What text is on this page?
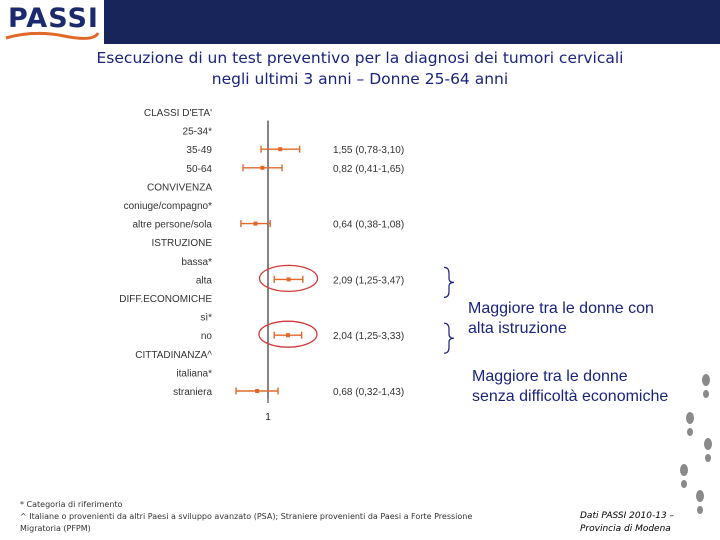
PASSI
Esecuzione di un test preventivo per la diagnosi dei tumori cervicali
negli ultimi 3 anni – Donne 25-64 anni
1
CLASSI D'ETA'
25-34*
35-49	1,55 (0,78-3,10)
50-64	0,82 (0,41-1,65)
CONVIVENZA
coniuge/compagno*
altre persone/sola	0,64 (0,38-1,08)
ISTRUZIONE
bassa*
alta	2,09 (1,25-3,47)
DIFF.ECONOMICHE
sì*
no	2,04 (1,25-3,33)
CITTADINANZA^
italiana*
straniera	0,68 (0,32-1,43)
Maggiore tra le donne con
alta istruzione
Maggiore tra le donne
senza difficoltà economiche
* Categoria di riferimento
^ Italiane o provenienti da altri Paesi a sviluppo avanzato (PSA); Straniere provenienti da Paesi a Forte Pressione
Migratoria (PFPM)
Dati PASSI 2010-13 –
Provincia di Modena
